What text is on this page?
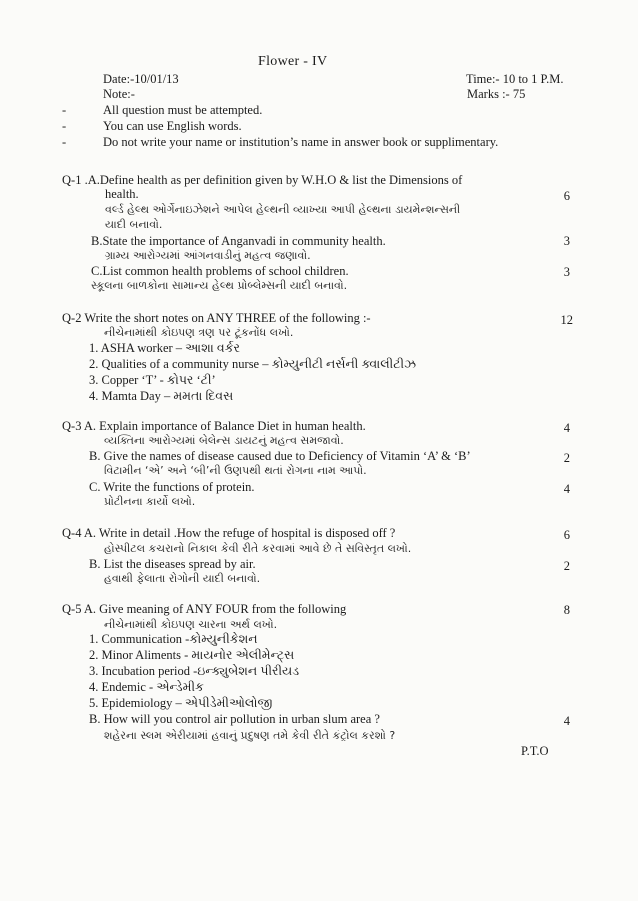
Flower - IV
Date:-10/01/13	Time:- 10 to 1 P.M.
Note:-	Marks :- 75
-	All question must be attempted.
-	You can use English words.
-	Do not write your name or institution’s name in answer book or supplimentary.
Q-1 .A.Define health as per definition given by W.H.O & list the Dimensions of
health.	6
વર્લ્ડ હેલ્થ ઓર્ગેનાઇઝેશને આપેલ હેલ્થની વ્યાખ્યા આપી હેલ્થના ડાયમેન્શન્સની
યાદી બનાવો.
B.State the importance of Anganvadi in community health.	3
ગ્રામ્ય આરોગ્યમાં આંગનવાડીનું મહત્વ જણાવો.
C.List common health problems of school children.	3
સ્કૂલના બાળકોના સામાન્ય હેલ્થ પ્રોબ્લેમ્સની યાદી બનાવો.
Q-2 Write the short notes on ANY THREE of the following :-	12
નીચેનામાંથી કોઇપણ ત્રણ પર ટૂંકનોંધ લખો.
1. ASHA worker – આશા વર્કર
2. Qualities of a community nurse – કોમ્યુનીટી નર્સની ક્વાલીટીઝ
3. Copper ‘T’ - કોપર ‘ટી’
4. Mamta Day – મમતા દિવસ
Q-3 A. Explain importance of Balance Diet in human health.	4
વ્યક્તિના આરોગ્યમાં બેલેન્સ ડાયટનું મહત્વ સમજાવો.
B. Give the names of disease caused due to Deficiency of Vitamin ‘A’ & ‘B’	2
વિટામીન ‘એ’ અને ‘બી’ની ઉણપથી થતાં રોગના નામ આપો.
C. Write the functions of protein.	4
પ્રોટીનના કાર્યો લખો.
Q-4 A. Write in detail .How the refuge of hospital is disposed off ?	6
હોસ્પીટલ કચરાનો નિકાલ કેવી રીતે કરવામાં આવે છે તે સવિસ્તૃત લખો.
B. List the diseases spread by air.	2
હવાથી ફેલાતા રોગોની યાદી બનાવો.
Q-5 A. Give meaning of ANY FOUR from the following	8
નીચેનામાંથી કોઇપણ ચારના અર્થ લખો.
1. Communication -કોમ્યુનીકેશન
2. Minor Aliments - માયનોર એલીમેન્ટ્સ
3. Incubation period -ઇન્ક્યુબેશન પીરીયડ
4. Endemic - એન્ડેમીક
5. Epidemiology – એપીડેમીઓલોજી
B. How will you control air pollution in urban slum area ?	4
શહેરના સ્લમ એરીયામાં હવાનું પ્રદુષણ તમે કેવી રીતે કંટ્રોલ કરશો ?
P.T.O
